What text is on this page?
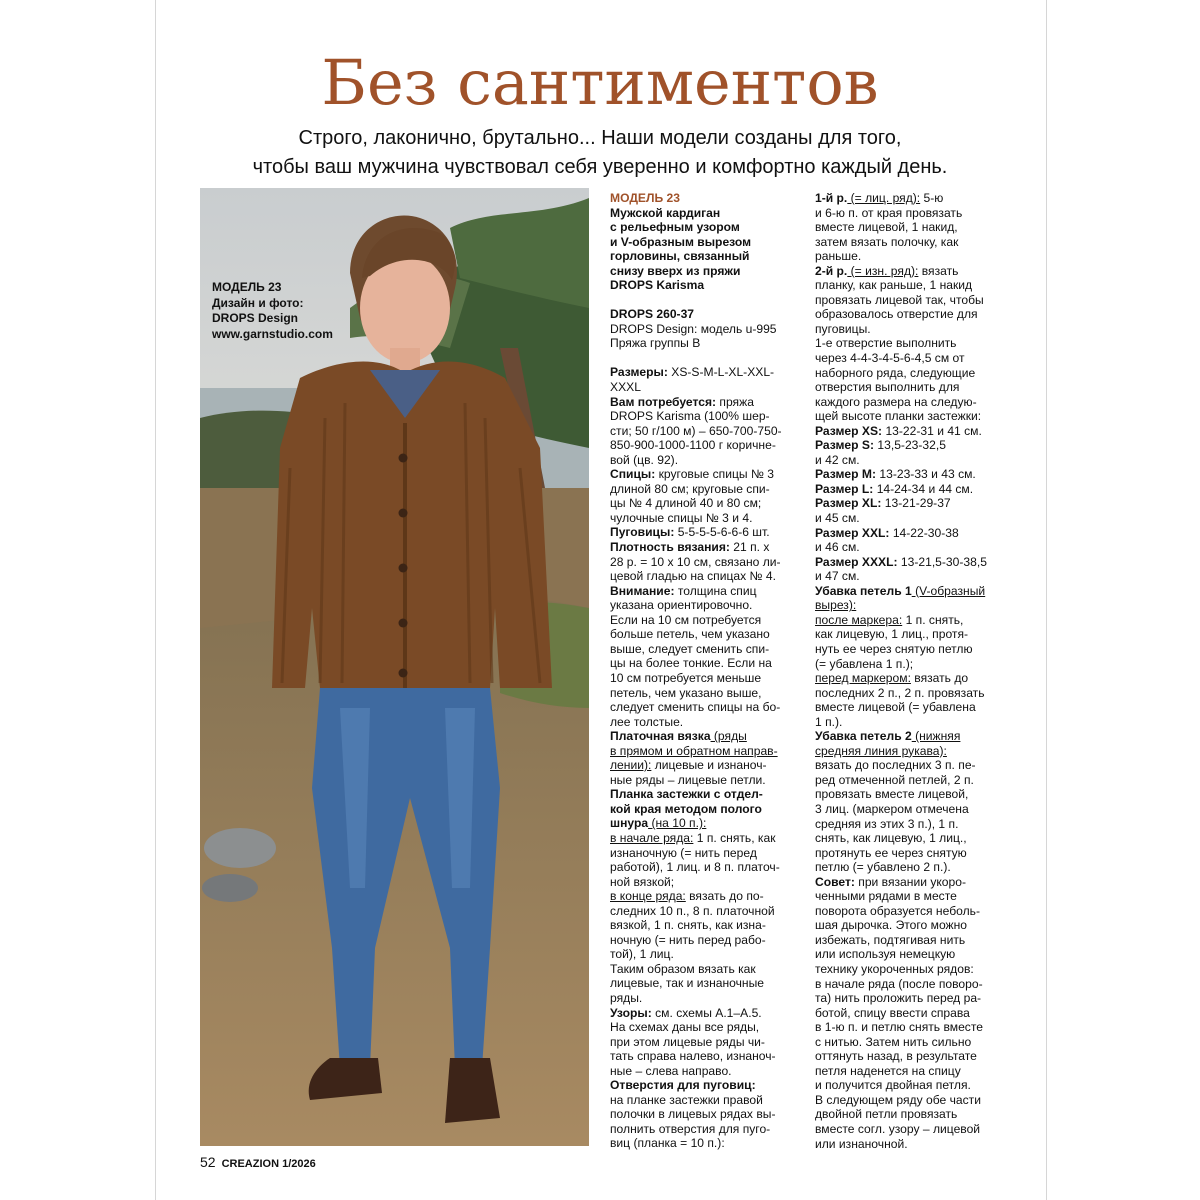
Без сантиментов
Строго, лаконично, брутально... Наши модели созданы для того,
чтобы ваш мужчина чувствовал себя уверенно и комфортно каждый день.
МОДЕЛЬ 23
Дизайн и фото:
DROPS Design
www.garnstudio.com

МОДЕЛЬ 23

Мужской кардиган

с рельефным узором

и V-образным вырезом

горловины, связанный

снизу вверх из пряжи

DROPS Karisma

DROPS 260-37

DROPS Design: модель u-995

Пряжа группы В

Размеры: XS-S-M-L-XL-XXL-

XXXL

Вам потребуется: пряжа

DROPS Karisma (100% шер-

сти; 50 г/100 м) – 650-700-750-

850-900-1000-1100 г коричне-

вой (цв. 92).

Спицы: круговые спицы № 3

длиной 80 см; круговые спи-

цы № 4 длиной 40 и 80 см;

чулочные спицы № 3 и 4.

Пуговицы: 5-5-5-5-6-6-6 шт.

Плотность вязания: 21 п. х

28 р. = 10 х 10 см, связано ли-

цевой гладью на спицах № 4.

Внимание: толщина спиц

указана ориентировочно.

Если на 10 см потребуется

больше петель, чем указано

выше, следует сменить спи-

цы на более тонкие. Если на

10 см потребуется меньше

петель, чем указано выше,

следует сменить спицы на бо-

лее толстые.

Платочная вязка (ряды

в прямом и обратном направ-

лении): лицевые и изнаноч-

ные ряды – лицевые петли.

Планка застежки с отдел-

кой края методом полого

шнура (на 10 п.):

в начале ряда: 1 п. снять, как

изнаночную (= нить перед

работой), 1 лиц. и 8 п. платоч-

ной вязкой;

в конце ряда: вязать до по-

следних 10 п., 8 п. платочной

вязкой, 1 п. снять, как изна-

ночную (= нить перед рабо-

той), 1 лиц.

Таким образом вязать как

лицевые, так и изнаночные

ряды.

Узоры: см. схемы А.1–А.5.

На схемах даны все ряды,

при этом лицевые ряды чи-

тать справа налево, изнаноч-

ные – слева направо.

Отверстия для пуговиц:

на планке застежки правой

полочки в лицевых рядах вы-

полнить отверстия для пуго-

виц (планка = 10 п.):

1-й р. (= лиц. ряд): 5-ю

и 6-ю п. от края провязать

вместе лицевой, 1 накид,

затем вязать полочку, как

раньше.

2-й р. (= изн. ряд): вязать

планку, как раньше, 1 накид

провязать лицевой так, чтобы

образовалось отверстие для

пуговицы.

1-е отверстие выполнить

через 4-4-3-4-5-6-4,5 см от

наборного ряда, следующие

отверстия выполнить для

каждого размера на следую-

щей высоте планки застежки:

Размер XS: 13-22-31 и 41 см.

Размер S: 13,5-23-32,5

и 42 см.

Размер M: 13-23-33 и 43 см.

Размер L: 14-24-34 и 44 см.

Размер XL: 13-21-29-37

и 45 см.

Размер XXL: 14-22-30-38

и 46 см.

Размер XXXL: 13-21,5-30-38,5

и 47 см.

Убавка петель 1 (V-образный

вырез):

после маркера: 1 п. снять,

как лицевую, 1 лиц., протя-

нуть ее через снятую петлю

(= убавлена 1 п.);

перед маркером: вязать до

последних 2 п., 2 п. провязать

вместе лицевой (= убавлена

1 п.).

Убавка петель 2 (нижняя

средняя линия рукава):

вязать до последних 3 п. пе-

ред отмеченной петлей, 2 п.

провязать вместе лицевой,

3 лиц. (маркером отмечена

средняя из этих 3 п.), 1 п.

снять, как лицевую, 1 лиц.,

протянуть ее через снятую

петлю (= убавлено 2 п.).

Совет: при вязании укоро-

ченными рядами в месте

поворота образуется неболь-

шая дырочка. Этого можно

избежать, подтягивая нить

или используя немецкую

технику укороченных рядов:

в начале ряда (после поворо-

та) нить проложить перед ра-

ботой, спицу ввести справа

в 1-ю п. и петлю снять вместе

с нитью. Затем нить сильно

оттянуть назад, в результате

петля наденется на спицу

и получится двойная петля.

В следующем ряду обе части

двойной петли провязать

вместе согл. узору – лицевой

или изнаночной.

52 CREAZION 1/2026
